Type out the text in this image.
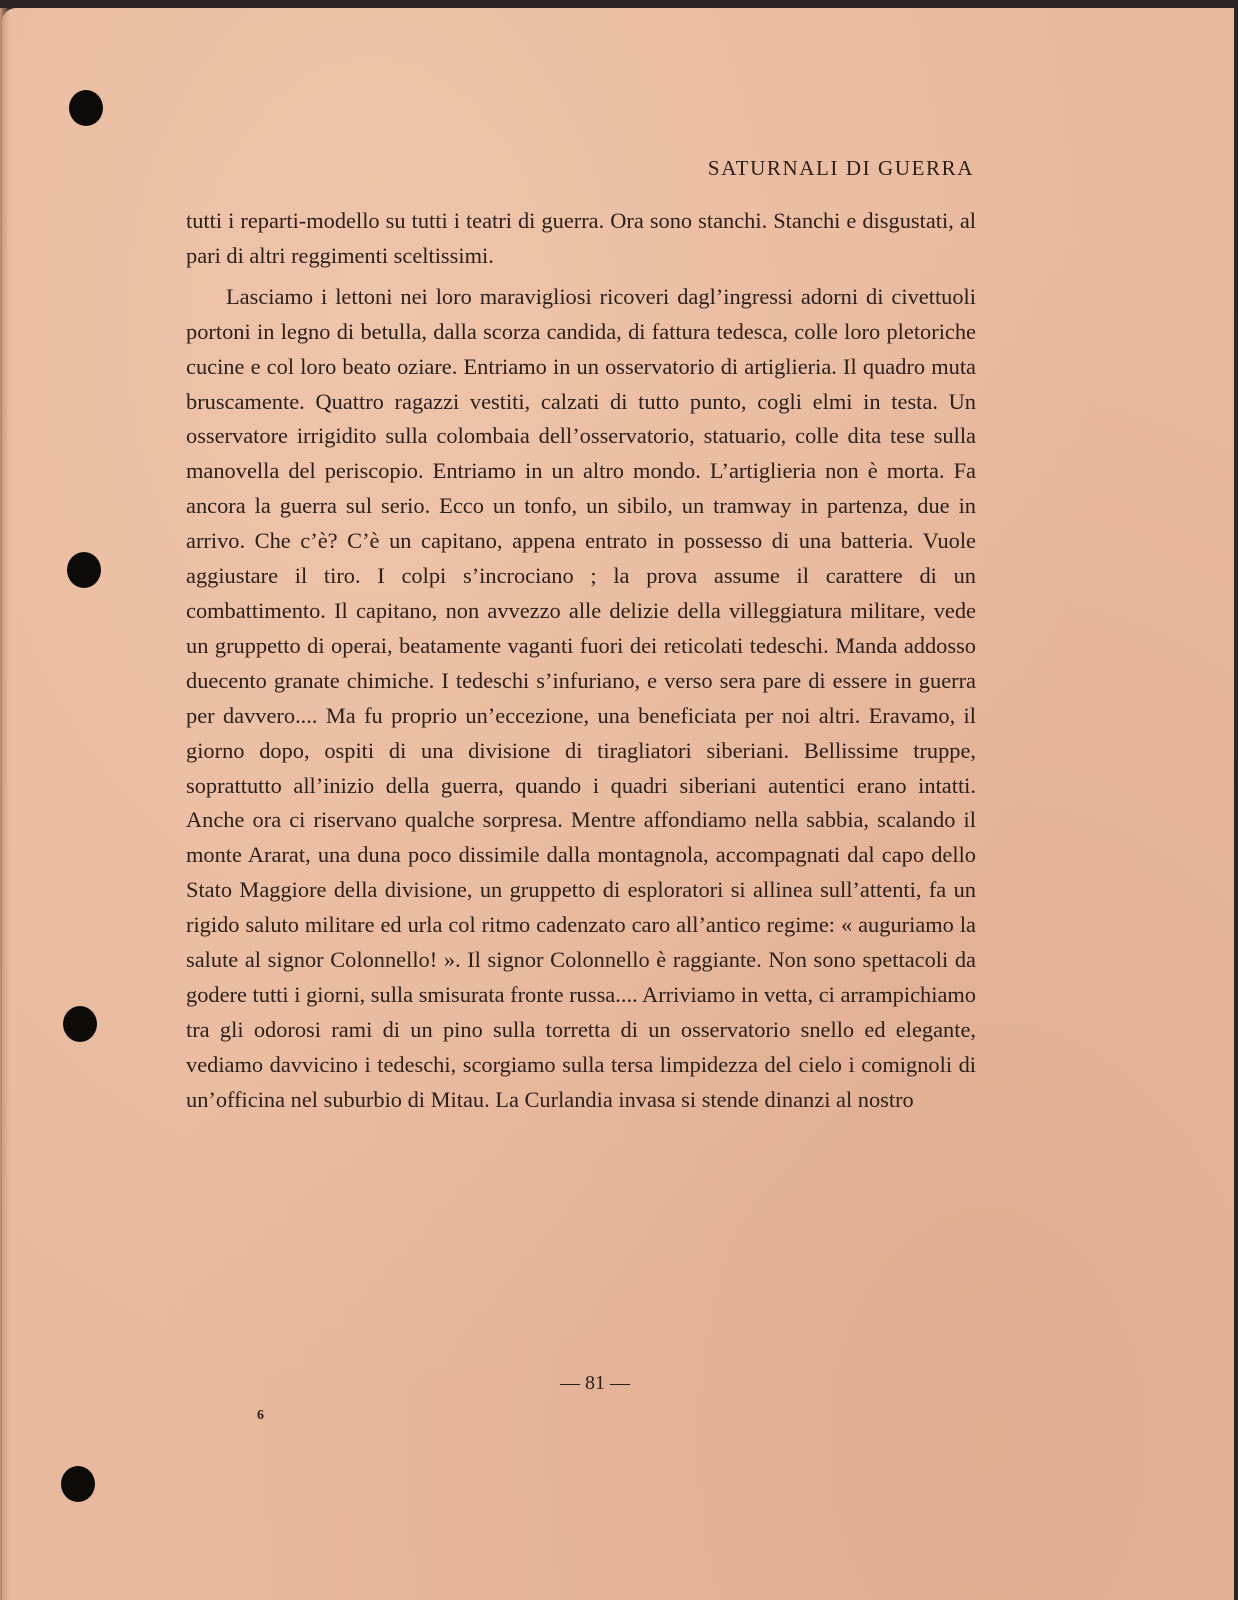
SATURNALI DI GUERRA

tutti i reparti-modello su tutti i teatri di guerra. Ora sono stanchi. Stanchi e disgustati, al pari di altri reggimenti sceltissimi.

Lasciamo i lettoni nei loro maravigliosi ricoveri dagl’ingressi adorni di civettuoli portoni in legno di betulla, dalla scorza candida, di fattura tedesca, colle loro pletoriche cucine e col loro beato oziare. Entriamo in un osservatorio di artiglieria. Il quadro muta bruscamente. Quattro ragazzi vestiti, calzati di tutto punto, cogli elmi in testa. Un osservatore irrigidito sulla colombaia dell’osservatorio, statuario, colle dita tese sulla manovella del periscopio. Entriamo in un altro mondo. L’artiglieria non è morta. Fa ancora la guerra sul serio. Ecco un tonfo, un sibilo, un tramway in partenza, due in arrivo. Che c’è? C’è un capitano, appena entrato in possesso di una batteria. Vuole aggiustare il tiro. I colpi s’incrociano ; la prova assume il carattere di un combattimento. Il capitano, non avvezzo alle delizie della villeggiatura militare, vede un gruppetto di operai, beatamente vaganti fuori dei reticolati tedeschi. Manda addosso duecento granate chimiche. I tedeschi s’infuriano, e verso sera pare di essere in guerra per davvero.... Ma fu proprio un’eccezione, una beneficiata per noi altri. Eravamo, il giorno dopo, ospiti di una divisione di tiragliatori siberiani. Bellissime truppe, soprattutto all’inizio della guerra, quando i quadri siberiani autentici erano intatti. Anche ora ci riservano qualche sorpresa. Mentre affondiamo nella sabbia, scalando il monte Ararat, una duna poco dissimile dalla montagnola, accompagnati dal capo dello Stato Maggiore della divisione, un gruppetto di esploratori si allinea sull’attenti, fa un rigido saluto militare ed urla col ritmo cadenzato caro all’antico regime: « auguriamo la salute al signor Colonnello! ». Il signor Colonnello è raggiante. Non sono spettacoli da godere tutti i giorni, sulla smisurata fronte russa.... Arriviamo in vetta, ci arrampichiamo tra gli odorosi rami di un pino sulla torretta di un osservatorio snello ed elegante, vediamo davvicino i tedeschi, scorgiamo sulla tersa limpidezza del cielo i comignoli di un’officina nel suburbio di Mitau. La Curlandia invasa si stende dinanzi al nostro

— 81 —
6
